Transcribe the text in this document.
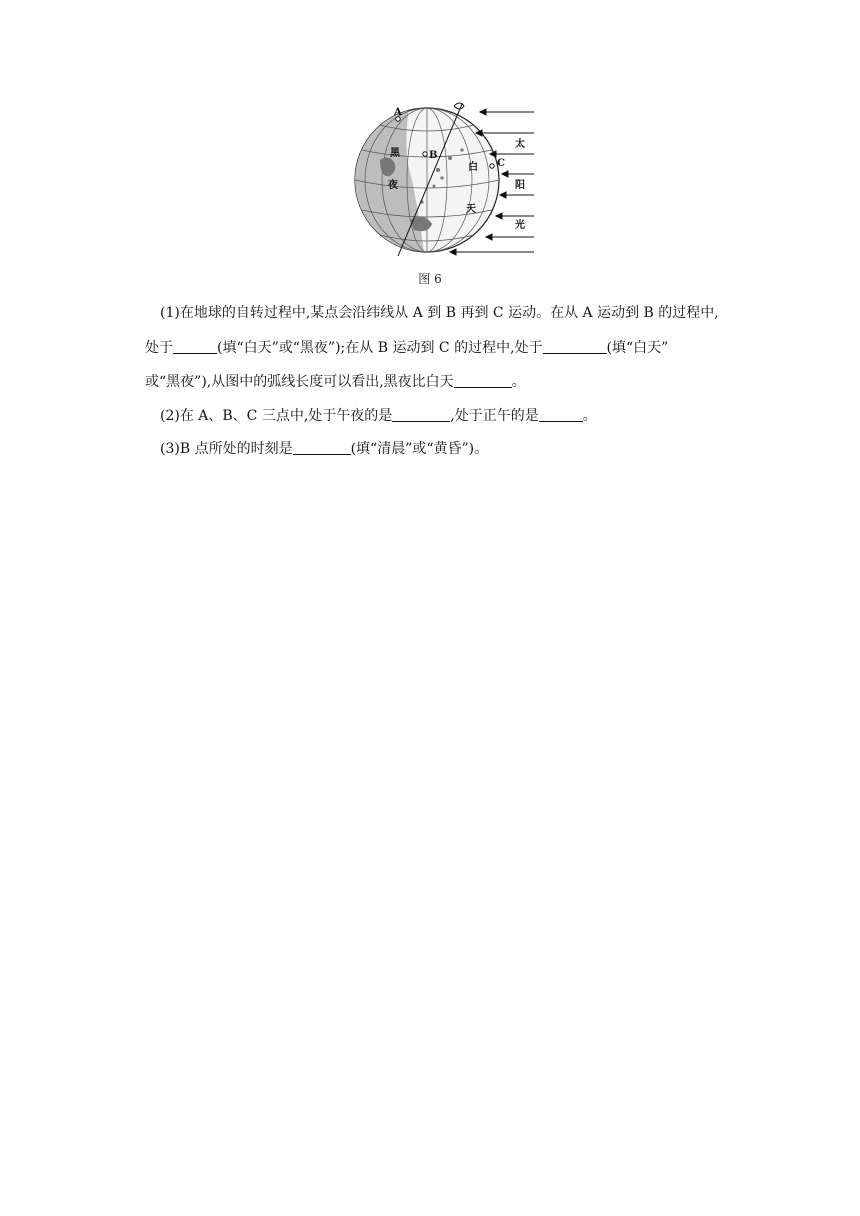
A
B
C
黑
夜
白
天
太
阳
光
图 6
(1)在地球的自转过程中,某点会沿纬线从 A 到 B 再到 C 运动。在从 A 运动到 B 的过程中,
处于	(填“白天”或“黑夜”);在从 B 运动到 C 的过程中,处于	(填“白天”
或“黑夜”),从图中的弧线长度可以看出,黑夜比白天	。
(2)在 A、B、C 三点中,处于午夜的是	,处于正午的是	。
(3)B 点所处的时刻是	(填“清晨”或“黄昏”)。
